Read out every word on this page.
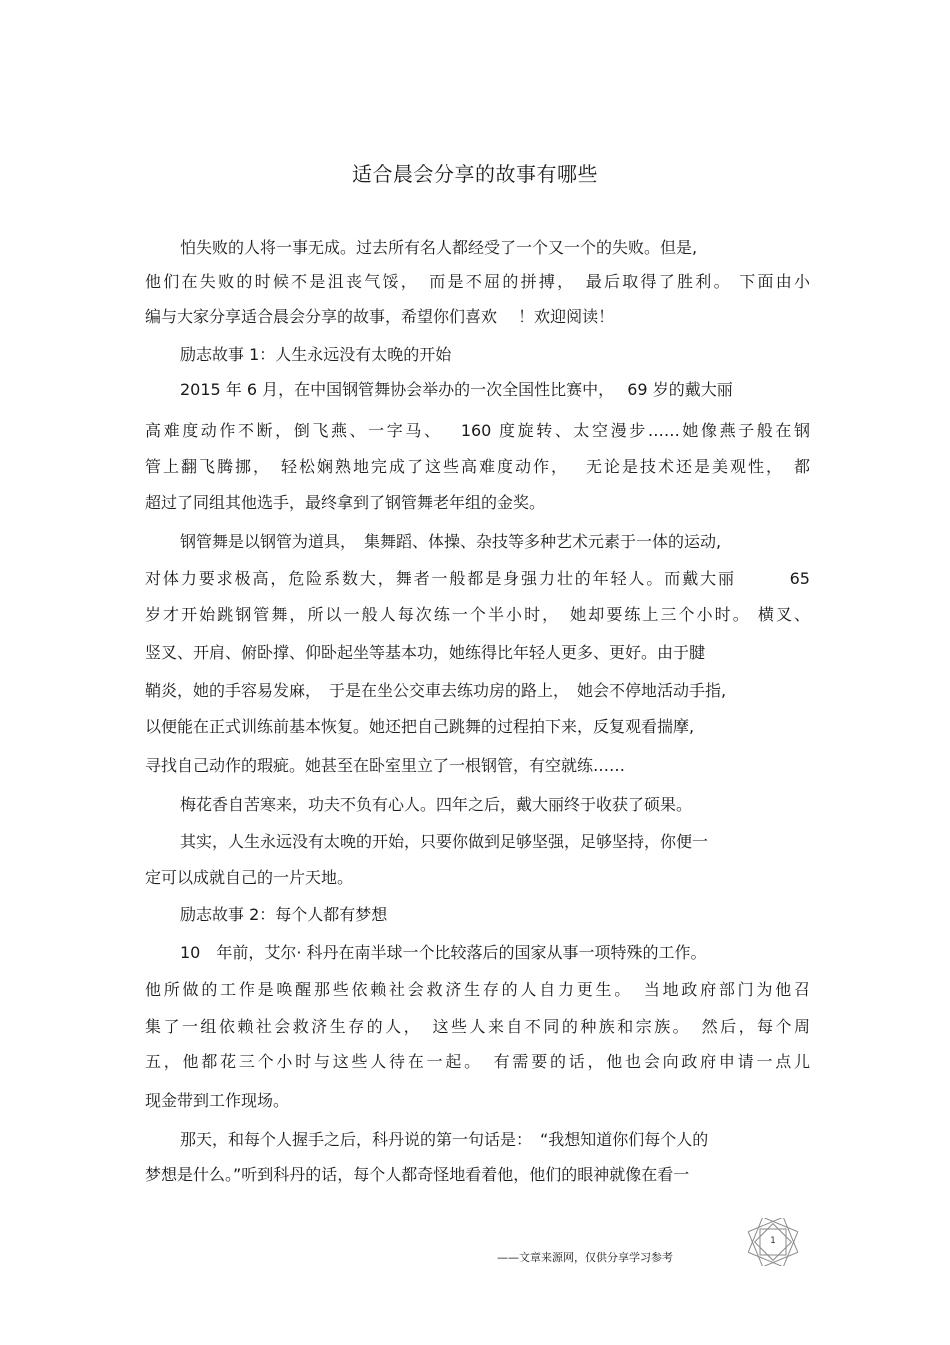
适合晨会分享的故事有哪些
怕失败的人将一事无成。过去所有名人都经受了一个又一个的失败。但是,
他们在失败的时候不是沮丧气馁，　而是不屈的拼搏，　最后取得了胜利。 下面由小
编与大家分享适合晨会分享的故事，希望你们喜欢　 ！欢迎阅读！
励志故事 1：人生永远没有太晚的开始
2015 年 6 月，在中国钢管舞协会举办的一次全国性比赛中，　 69 岁的戴大丽
高难度动作不断，倒飞燕、一字马、　 160 度旋转、太空漫步……她像燕子般在钢
管上翻飞腾挪，　轻松娴熟地完成了这些高难度动作，　 无论是技术还是美观性，　都
超过了同组其他选手，最终拿到了钢管舞老年组的金奖。
钢管舞是以钢管为道具，　集舞蹈、体操、杂技等多种艺术元素于一体的运动,
对体力要求极高，危险系数大，舞者一般都是身强力壮的年轻人。而戴大丽　　　65
岁才开始跳钢管舞，所以一般人每次练一个半小时，　她却要练上三个小时。 横叉、
竖叉、开肩、俯卧撑、仰卧起坐等基本功，她练得比年轻人更多、更好。由于腱
鞘炎，她的手容易发麻，　于是在坐公交車去练功房的路上，　她会不停地活动手指,
以便能在正式训练前基本恢复。她还把自己跳舞的过程拍下来，反复观看揣摩,
寻找自己动作的瑕疵。她甚至在卧室里立了一根钢管，有空就练……
梅花香自苦寒来，功夫不负有心人。四年之后，戴大丽终于收获了硕果。
其实，人生永远没有太晚的开始，只要你做到足够坚强，足够坚持，你便一
定可以成就自己的一片天地。
励志故事 2：每个人都有梦想
10　年前，艾尔· 科丹在南半球一个比较落后的国家从事一项特殊的工作。
他所做的工作是唤醒那些依赖社会救济生存的人自力更生。　当地政府部门为他召
集了一组依赖社会救济生存的人，　这些人来自不同的种族和宗族。　然后，每个周
五，他都花三个小时与这些人待在一起。　有需要的话，他也会向政府申请一点儿
现金带到工作现场。
那天，和每个人握手之后，科丹说的第一句话是：　“我想知道你们每个人的
梦想是什么。”听到科丹的话，每个人都奇怪地看着他，他们的眼神就像在看一
——文章来源网，仅供分享学习参考
1
